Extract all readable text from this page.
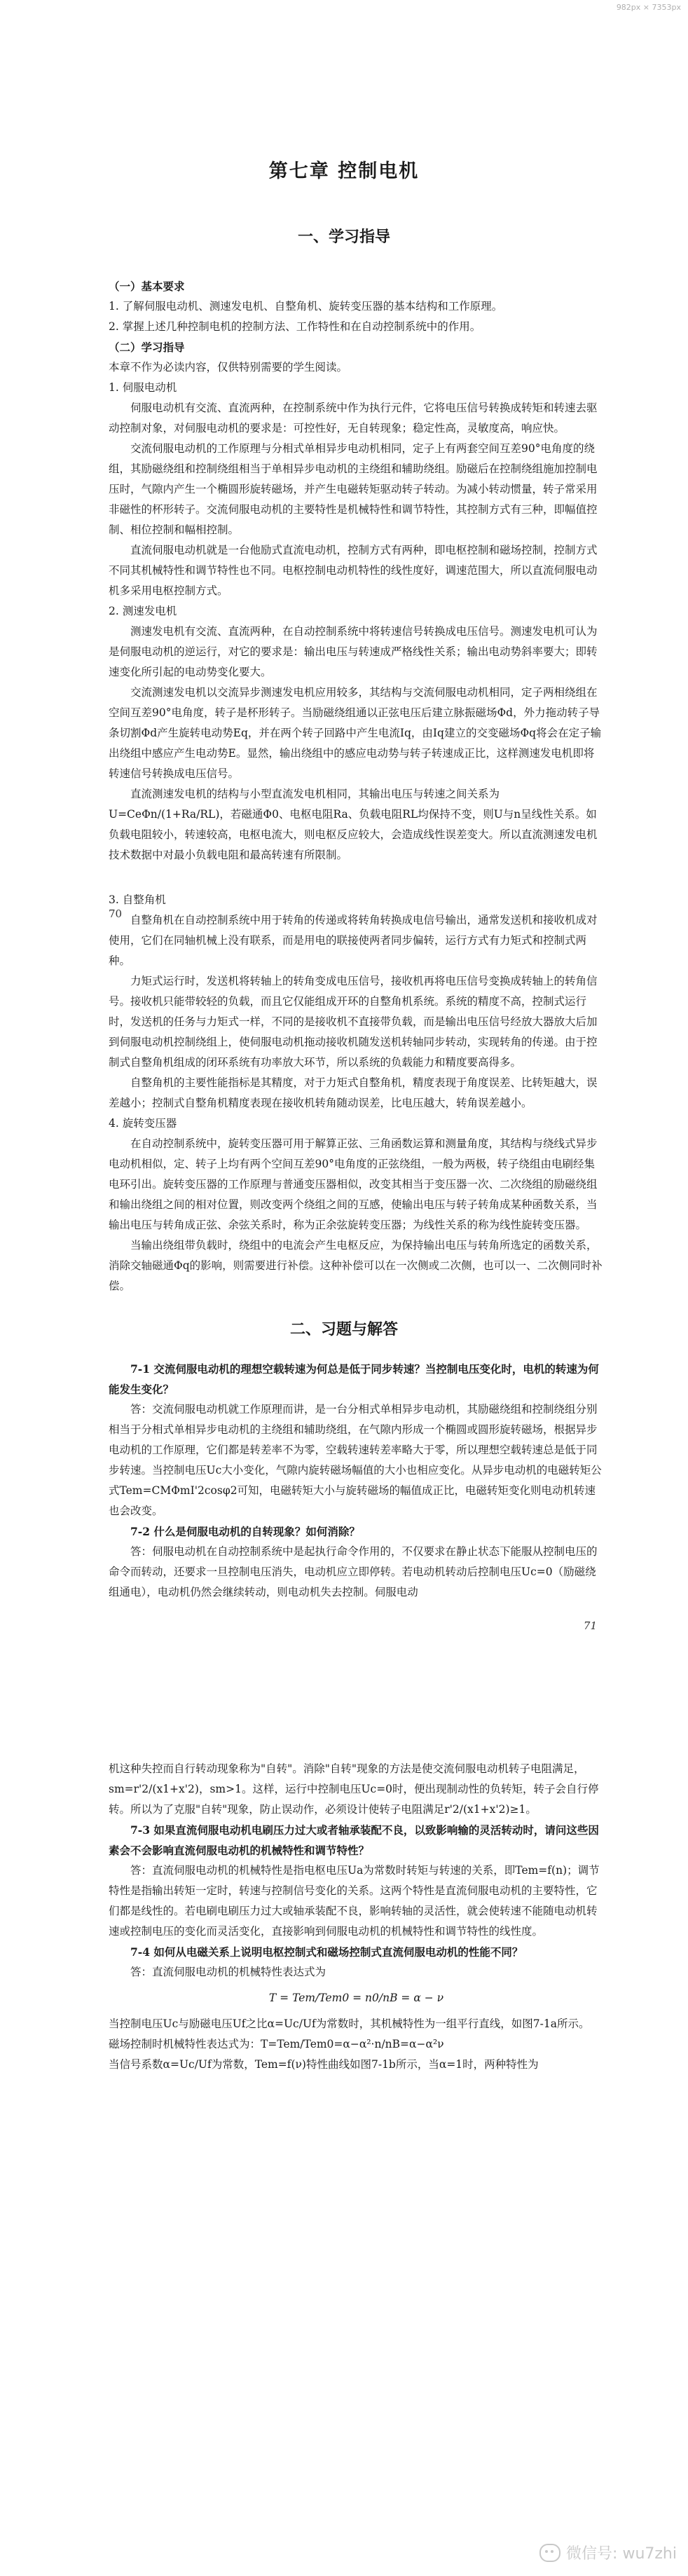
982px × 7353px
第七章 控制电机
一、学习指导

（一）基本要求

1. 了解伺服电动机、测速发电机、自整角机、旋转变压器的基本结构和工作原理。

2. 掌握上述几种控制电机的控制方法、工作特性和在自动控制系统中的作用。

（二）学习指导

本章不作为必读内容，仅供特别需要的学生阅读。

1. 伺服电动机

伺服电动机有交流、直流两种，在控制系统中作为执行元件，它将电压信号转换成转矩和转速去驱动控制对象，对伺服电动机的要求是：可控性好，无自转现象；稳定性高，灵敏度高，响应快。

交流伺服电动机的工作原理与分相式单相异步电动机相同，定子上有两套空间互差90°电角度的绕组，其励磁绕组和控制绕组相当于单相异步电动机的主绕组和辅助绕组。励磁后在控制绕组施加控制电压时，气隙内产生一个椭圆形旋转磁场，并产生电磁转矩驱动转子转动。为减小转动惯量，转子常采用非磁性的杯形转子。交流伺服电动机的主要特性是机械特性和调节特性，其控制方式有三种，即幅值控制、相位控制和幅相控制。

直流伺服电动机就是一台他励式直流电动机，控制方式有两种，即电枢控制和磁场控制，控制方式不同其机械特性和调节特性也不同。电枢控制电动机特性的线性度好，调速范围大，所以直流伺服电动机多采用电枢控制方式。

2. 测速发电机

测速发电机有交流、直流两种，在自动控制系统中将转速信号转换成电压信号。测速发电机可认为是伺服电动机的逆运行，对它的要求是：输出电压与转速成严格线性关系；输出电动势斜率要大；即转速变化所引起的电动势变化要大。

交流测速发电机以交流异步测速发电机应用较多，其结构与交流伺服电动机相同，定子两相绕组在空间互差90°电角度，转子是杯形转子。当励磁绕组通以正弦电压后建立脉振磁场Φd，外力拖动转子导条切割Φd产生旋转电动势Eq，并在两个转子回路中产生电流Iq，由Iq建立的交变磁场Φq将会在定子输出绕组中感应产生电动势E。显然，输出绕组中的感应电动势与转子转速成正比，这样测速发电机即将转速信号转换成电压信号。

直流测速发电机的结构与小型直流发电机相同，其输出电压与转速之间关系为U=CeΦn/(1+Ra/RL)，若磁通Φ0、电枢电阻Ra、负载电阻RL均保持不变，则U与n呈线性关系。如负载电阻较小，转速较高，电枢电流大，则电枢反应较大，会造成线性误差变大。所以直流测速发电机技术数据中对最小负载电阻和最高转速有所限制。

70

3. 自整角机

自整角机在自动控制系统中用于转角的传递或将转角转换成电信号输出，通常发送机和接收机成对使用，它们在同轴机械上没有联系，而是用电的联接使两者同步偏转，运行方式有力矩式和控制式两种。

力矩式运行时，发送机将转轴上的转角变成电压信号，接收机再将电压信号变换成转轴上的转角信号。接收机只能带较轻的负载，而且它仅能组成开环的自整角机系统。系统的精度不高，控制式运行时，发送机的任务与力矩式一样，不同的是接收机不直接带负载，而是输出电压信号经放大器放大后加到伺服电动机控制绕组上，使伺服电动机拖动接收机随发送机转轴同步转动，实现转角的传递。由于控制式自整角机组成的闭环系统有功率放大环节，所以系统的负载能力和精度要高得多。

自整角机的主要性能指标是其精度，对于力矩式自整角机，精度表现于角度误差、比转矩越大，误差越小；控制式自整角机精度表现在接收机转角随动误差，比电压越大，转角误差越小。

4. 旋转变压器

在自动控制系统中，旋转变压器可用于解算正弦、三角函数运算和测量角度，其结构与绕线式异步电动机相似，定、转子上均有两个空间互差90°电角度的正弦绕组，一般为两极，转子绕组由电刷经集电环引出。旋转变压器的工作原理与普通变压器相似，改变其相当于变压器一次、二次绕组的励磁绕组和输出绕组之间的相对位置，则改变两个绕组之间的互感，使输出电压与转子转角成某种函数关系，当输出电压与转角成正弦、余弦关系时，称为正余弦旋转变压器；为线性关系的称为线性旋转变压器。

当输出绕组带负载时，绕组中的电流会产生电枢反应，为保持输出电压与转角所选定的函数关系，消除交轴磁通Φq的影响，则需要进行补偿。这种补偿可以在一次侧或二次侧，也可以一、二次侧同时补偿。

二、习题与解答

7-1 交流伺服电动机的理想空载转速为何总是低于同步转速？当控制电压变化时，电机的转速为何能发生变化？

答：交流伺服电动机就工作原理而讲，是一台分相式单相异步电动机，其励磁绕组和控制绕组分别相当于分相式单相异步电动机的主绕组和辅助绕组，在气隙内形成一个椭圆或圆形旋转磁场，根据异步电动机的工作原理，它们都是转差率不为零，空载转速转差率略大于零，所以理想空载转速总是低于同步转速。当控制电压Uc大小变化，气隙内旋转磁场幅值的大小也相应变化。从异步电动机的电磁转矩公式Tem=CMΦmI'2cosφ2可知，电磁转矩大小与旋转磁场的幅值成正比，电磁转矩变化则电动机转速也会改变。

7-2 什么是伺服电动机的自转现象？如何消除？

答：伺服电动机在自动控制系统中是起执行命令作用的，不仅要求在静止状态下能服从控制电压的命令而转动，还要求一旦控制电压消失，电动机应立即停转。若电动机转动后控制电压Uc=0（励磁绕组通电），电动机仍然会继续转动，则电动机失去控制。伺服电动

71

机这种失控而自行转动现象称为"自转"。消除"自转"现象的方法是使交流伺服电动机转子电阻满足，sm=r'2/(x1+x'2)，sm>1。这样，运行中控制电压Uc=0时，便出现制动性的负转矩，转子会自行停转。所以为了克服"自转"现象，防止误动作，必须设计使转子电阻满足r'2/(x1+x'2)≥1。

7-3 如果直流伺服电动机电刷压力过大或者轴承装配不良，以致影响输的灵活转动时，请问这些因素会不会影响直流伺服电动机的机械特性和调节特性？

答：直流伺服电动机的机械特性是指电枢电压Ua为常数时转矩与转速的关系，即Tem=f(n)；调节特性是指输出转矩一定时，转速与控制信号变化的关系。这两个特性是直流伺服电动机的主要特性，它们都是线性的。若电刷电刷压力过大或轴承装配不良，影响转轴的灵活性，就会使转速不能随电动机转速或控制电压的变化而灵活变化，直接影响到伺服电动机的机械特性和调节特性的线性度。

7-4 如何从电磁关系上说明电枢控制式和磁场控制式直流伺服电动机的性能不同？

答：直流伺服电动机的机械特性表达式为

T = Tem/Tem0 = n0/nB = α − ν

当控制电压Uc与励磁电压Uf之比α=Uc/Uf为常数时，其机械特性为一组平行直线，如图7-1a所示。

磁场控制时机械特性表达式为：T=Tem/Tem0=α−α²·n/nB=α−α²ν

当信号系数α=Uc/Uf为常数，Tem=f(ν)特性曲线如图7-1b所示，当α=1时，两种特性为

微信号: wu7zhi
